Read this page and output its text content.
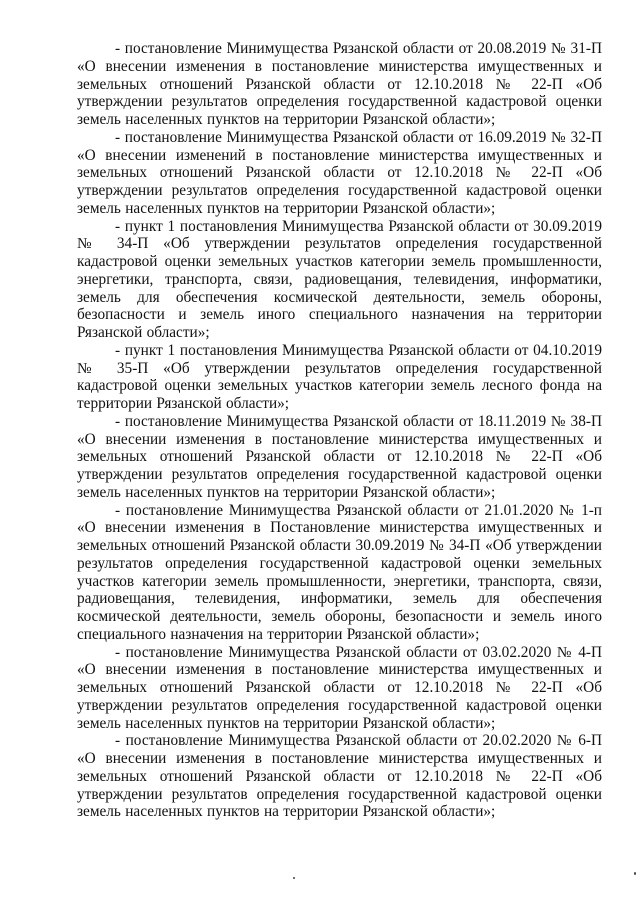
- постановление Минимущества Рязанской области от 20.08.2019 № 31-П «О внесении изменения в постановление министерства имущественных и земельных отношений Рязанской области от 12.10.2018 № 22-П «Об утверждении результатов определения государственной кадастровой оценки земель населенных пунктов на территории Рязанской области»;

- постановление Минимущества Рязанской области от 16.09.2019 № 32-П «О внесении изменений в постановление министерства имущественных и земельных отношений Рязанской области от 12.10.2018 № 22-П «Об утверждении результатов определения государственной кадастровой оценки земель населенных пунктов на территории Рязанской области»;

- пункт 1 постановления Минимущества Рязанской области от 30.09.2019 № 34-П «Об утверждении результатов определения государственной кадастровой оценки земельных участков категории земель промышленности, энергетики, транспорта, связи, радиовещания, телевидения, информатики, земель для обеспечения космической деятельности, земель обороны, безопасности и земель иного специального назначения на территории Рязанской области»;

- пункт 1 постановления Минимущества Рязанской области от 04.10.2019 № 35-П «Об утверждении результатов определения государственной кадастровой оценки земельных участков категории земель лесного фонда на территории Рязанской области»;

- постановление Минимущества Рязанской области от 18.11.2019 № 38-П «О внесении изменения в постановление министерства имущественных и земельных отношений Рязанской области от 12.10.2018 № 22-П «Об утверждении результатов определения государственной кадастровой оценки земель населенных пунктов на территории Рязанской области»;

- постановление Минимущества Рязанской области от 21.01.2020 № 1-п «О внесении изменения в Постановление министерства имущественных и земельных отношений Рязанской области 30.09.2019 № 34-П «Об утверждении результатов определения государственной кадастровой оценки земельных участков категории земель промышленности, энергетики, транспорта, связи, радиовещания, телевидения, информатики, земель для обеспечения космической деятельности, земель обороны, безопасности и земель иного специального назначения на территории Рязанской области»;

- постановление Минимущества Рязанской области от 03.02.2020 № 4-П «О внесении изменения в постановление министерства имущественных и земельных отношений Рязанской области от 12.10.2018 № 22-П «Об утверждении результатов определения государственной кадастровой оценки земель населенных пунктов на территории Рязанской области»;

- постановление Минимущества Рязанской области от 20.02.2020 № 6-П «О внесении изменения в постановление министерства имущественных и земельных отношений Рязанской области от 12.10.2018 № 22-П «Об утверждении результатов определения государственной кадастровой оценки земель населенных пунктов на территории Рязанской области»;
